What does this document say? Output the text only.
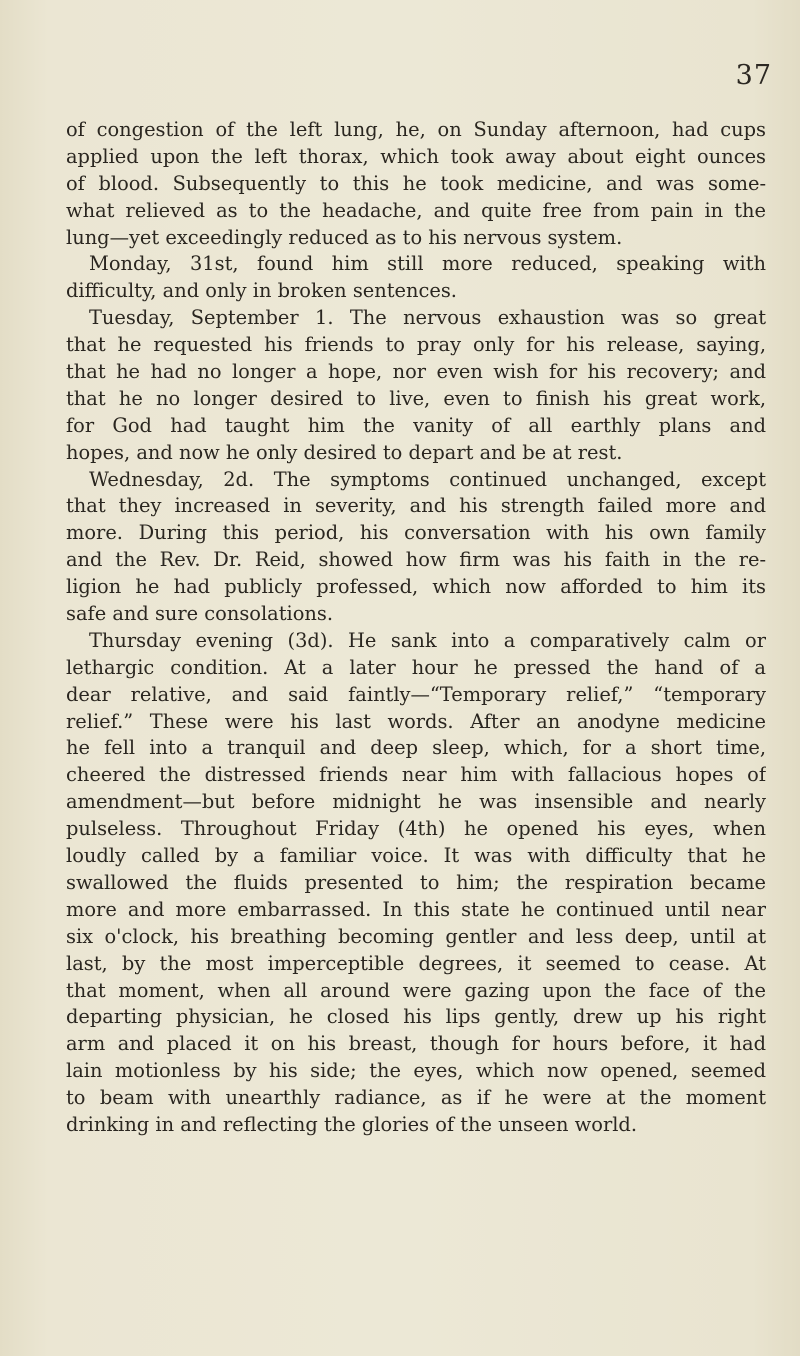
37
of congestion of the left lung, he, on Sunday afternoon, had cups
applied upon the left thorax, which took away about eight ounces
of blood. Subsequently to this he took medicine, and was some-
what relieved as to the headache, and quite free from pain in the
lung—yet exceedingly reduced as to his nervous system.
Monday, 31st, found him still more reduced, speaking with
difficulty, and only in broken sentences.
Tuesday, September 1. The nervous exhaustion was so great
that he requested his friends to pray only for his release, saying,
that he had no longer a hope, nor even wish for his recovery; and
that he no longer desired to live, even to finish his great work,
for God had taught him the vanity of all earthly plans and
hopes, and now he only desired to depart and be at rest.
Wednesday, 2d. The symptoms continued unchanged, except
that they increased in severity, and his strength failed more and
more. During this period, his conversation with his own family
and the Rev. Dr. Reid, showed how firm was his faith in the re-
ligion he had publicly professed, which now afforded to him its
safe and sure consolations.
Thursday evening (3d). He sank into a comparatively calm or
lethargic condition. At a later hour he pressed the hand of a
dear relative, and said faintly—“Temporary relief,” “temporary
relief.” These were his last words. After an anodyne medicine
he fell into a tranquil and deep sleep, which, for a short time,
cheered the distressed friends near him with fallacious hopes of
amendment—but before midnight he was insensible and nearly
pulseless. Throughout Friday (4th) he opened his eyes, when
loudly called by a familiar voice. It was with difficulty that he
swallowed the fluids presented to him; the respiration became
more and more embarrassed. In this state he continued until near
six o'clock, his breathing becoming gentler and less deep, until at
last, by the most imperceptible degrees, it seemed to cease. At
that moment, when all around were gazing upon the face of the
departing physician, he closed his lips gently, drew up his right
arm and placed it on his breast, though for hours before, it had
lain motionless by his side; the eyes, which now opened, seemed
to beam with unearthly radiance, as if he were at the moment
drinking in and reflecting the glories of the unseen world.
